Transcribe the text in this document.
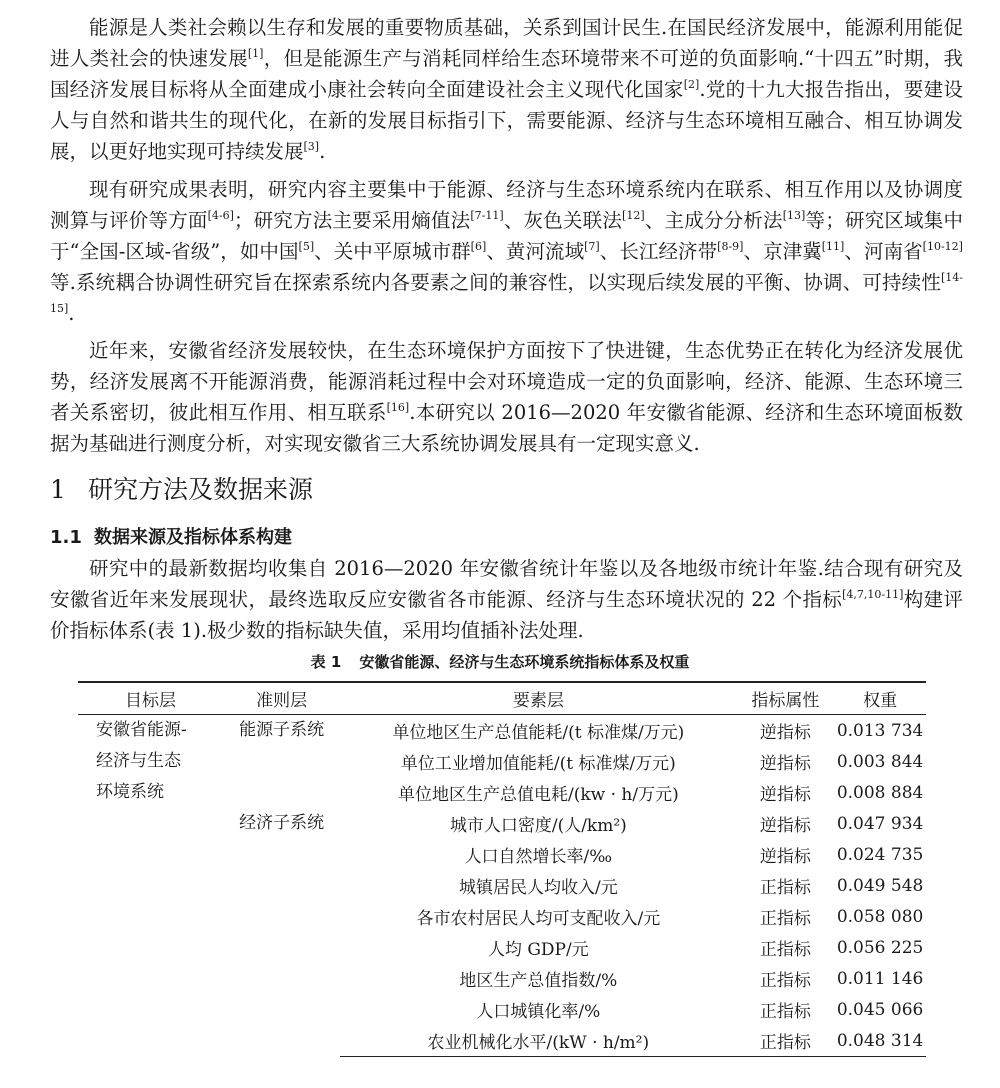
能源是人类社会赖以生存和发展的重要物质基础，关系到国计民生.在国民经济发展中，能源利用能促进人类社会的快速发展[1]，但是能源生产与消耗同样给生态环境带来不可逆的负面影响.“十四五”时期，我国经济发展目标将从全面建成小康社会转向全面建设社会主义现代化国家[2].党的十九大报告指出，要建设人与自然和谐共生的现代化，在新的发展目标指引下，需要能源、经济与生态环境相互融合、相互协调发展，以更好地实现可持续发展[3].

现有研究成果表明，研究内容主要集中于能源、经济与生态环境系统内在联系、相互作用以及协调度测算与评价等方面[4-6]；研究方法主要采用熵值法[7-11]、灰色关联法[12]、主成分分析法[13]等；研究区域集中于“全国-区域-省级”，如中国[5]、关中平原城市群[6]、黄河流域[7]、长江经济带[8-9]、京津冀[11]、河南省[10-12]等.系统耦合协调性研究旨在探索系统内各要素之间的兼容性，以实现后续发展的平衡、协调、可持续性[14-15].

近年来，安徽省经济发展较快，在生态环境保护方面按下了快进键，生态优势正在转化为经济发展优势，经济发展离不开能源消费，能源消耗过程中会对环境造成一定的负面影响，经济、能源、生态环境三者关系密切，彼此相互作用、相互联系[16].本研究以 2016—2020 年安徽省能源、经济和生态环境面板数据为基础进行测度分析，对实现安徽省三大系统协调发展具有一定现实意义.

1 研究方法及数据来源
1.1 数据来源及指标体系构建

研究中的最新数据均收集自 2016—2020 年安徽省统计年鉴以及各地级市统计年鉴.结合现有研究及安徽省近年来发展现状，最终选取反应安徽省各市能源、经济与生态环境状况的 22 个指标[4,7,10-11]构建评价指标体系(表 1).极少数的指标缺失值，采用均值插补法处理.

表 1 安徽省能源、经济与生态环境系统指标体系及权重
目标层	准则层	要素层	指标属性	权重

安徽省能源-
经济与生态
环境系统	能源子系统	单位地区生产总值能耗/(t 标准煤/万元)	逆指标	0.013 734
		单位工业增加值能耗/(t 标准煤/万元)	逆指标	0.003 844
		单位地区生产总值电耗/(kw · h/万元)	逆指标	0.008 884
	经济子系统	城市人口密度/(人/km²)	逆指标	0.047 934
		人口自然增长率/‰	逆指标	0.024 735
		城镇居民人均收入/元	正指标	0.049 548
		各市农村居民人均可支配收入/元	正指标	0.058 080
		人均 GDP/元	正指标	0.056 225
		地区生产总值指数/%	正指标	0.011 146
		人口城镇化率/%	正指标	0.045 066
		农业机械化水平/(kW · h/m²)	正指标	0.048 314
